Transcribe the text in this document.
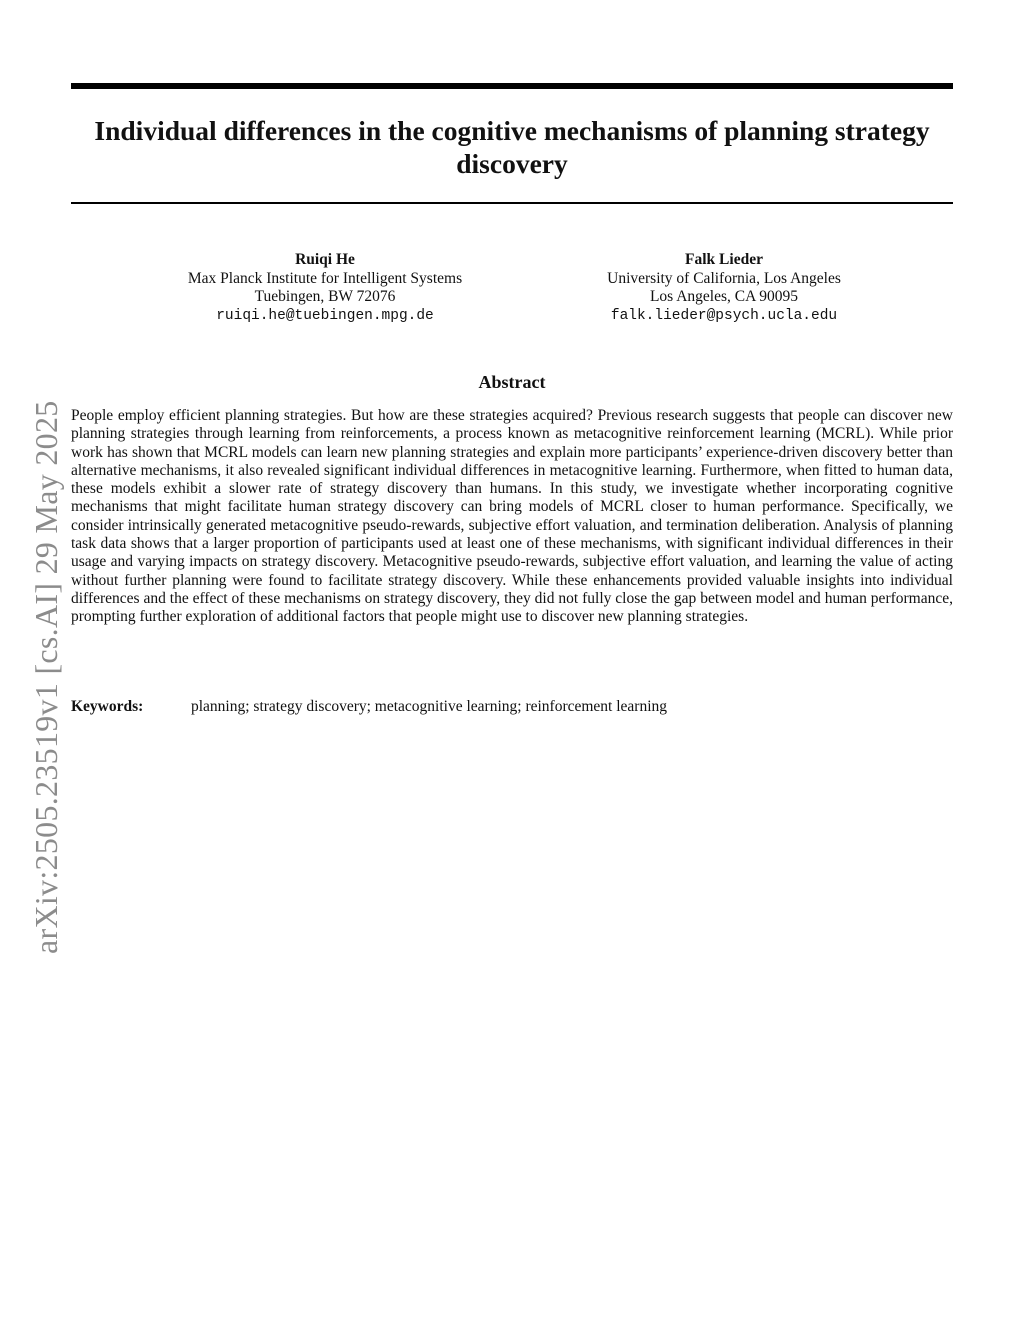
Individual differences in the cognitive mechanisms of planning strategy discovery
Ruiqi He
Max Planck Institute for Intelligent Systems
Tuebingen, BW 72076
ruiqi.he@tuebingen.mpg.de
Falk Lieder
University of California, Los Angeles
Los Angeles, CA 90095
falk.lieder@psych.ucla.edu
arXiv:2505.23519v1 [cs.AI] 29 May 2025
Abstract

People employ efficient planning strategies. But how are these strategies acquired? Previous research suggests that people can discover new planning strategies through learning from reinforcements, a process known as metacognitive reinforcement learning (MCRL). While prior work has shown that MCRL models can learn new planning strategies and explain more participants’ experience-driven discovery better than alternative mechanisms, it also revealed significant individual differences in metacognitive learning. Furthermore, when fitted to human data, these models exhibit a slower rate of strategy discovery than humans. In this study, we investigate whether incorporating cognitive mechanisms that might facilitate human strategy discovery can bring models of MCRL closer to human performance. Specifically, we consider intrinsically generated metacognitive pseudo-rewards, subjective effort valuation, and termination deliberation. Analysis of planning task data shows that a larger proportion of participants used at least one of these mechanisms, with significant individual differences in their usage and varying impacts on strategy discovery. Metacognitive pseudo-rewards, subjective effort valuation, and learning the value of acting without further planning were found to facilitate strategy discovery. While these enhancements provided valuable insights into individual differences and the effect of these mechanisms on strategy discovery, they did not fully close the gap between model and human performance, prompting further exploration of additional factors that people might use to discover new planning strategies.

Keywords:	planning; strategy discovery; metacognitive learning; reinforcement learning
